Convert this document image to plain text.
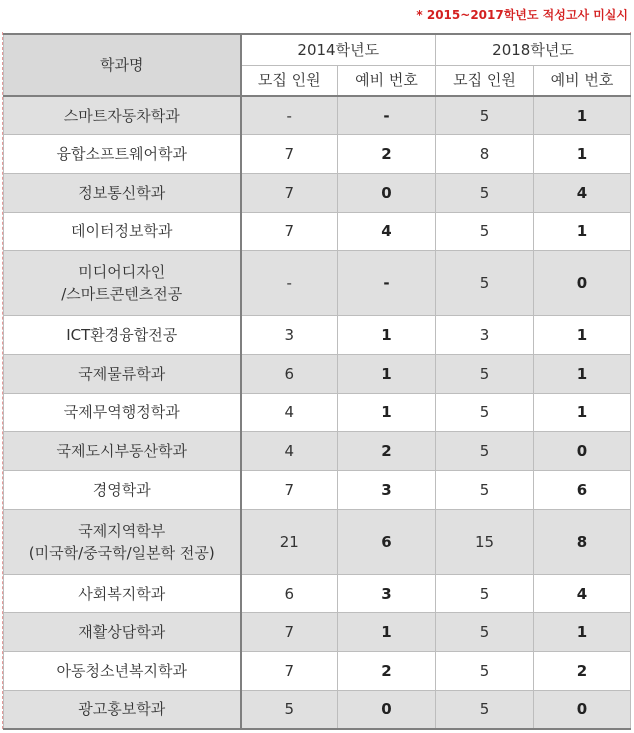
* 2015~2017학년도 적성고사 미실시
학과명	2014학년도		2018학년도	
	모집 인원	예비 번호	모집 인원	예비 번호

스마트자동차학과	-	-	5	1

융합소프트웨어학과	7	2	8	1

정보통신학과	7	0	5	4

데이터정보학과	7	4	5	1

미디어디자인
/스마트콘텐츠전공	-	-	5	0

ICT환경융합전공	3	1	3	1

국제물류학과	6	1	5	1

국제무역행정학과	4	1	5	1

국제도시부동산학과	4	2	5	0

경영학과	7	3	5	6

국제지역학부
(미국학/중국학/일본학 전공)	21	6	15	8

사회복지학과	6	3	5	4

재활상담학과	7	1	5	1

아동청소년복지학과	7	2	5	2

광고홍보학과	5	0	5	0
